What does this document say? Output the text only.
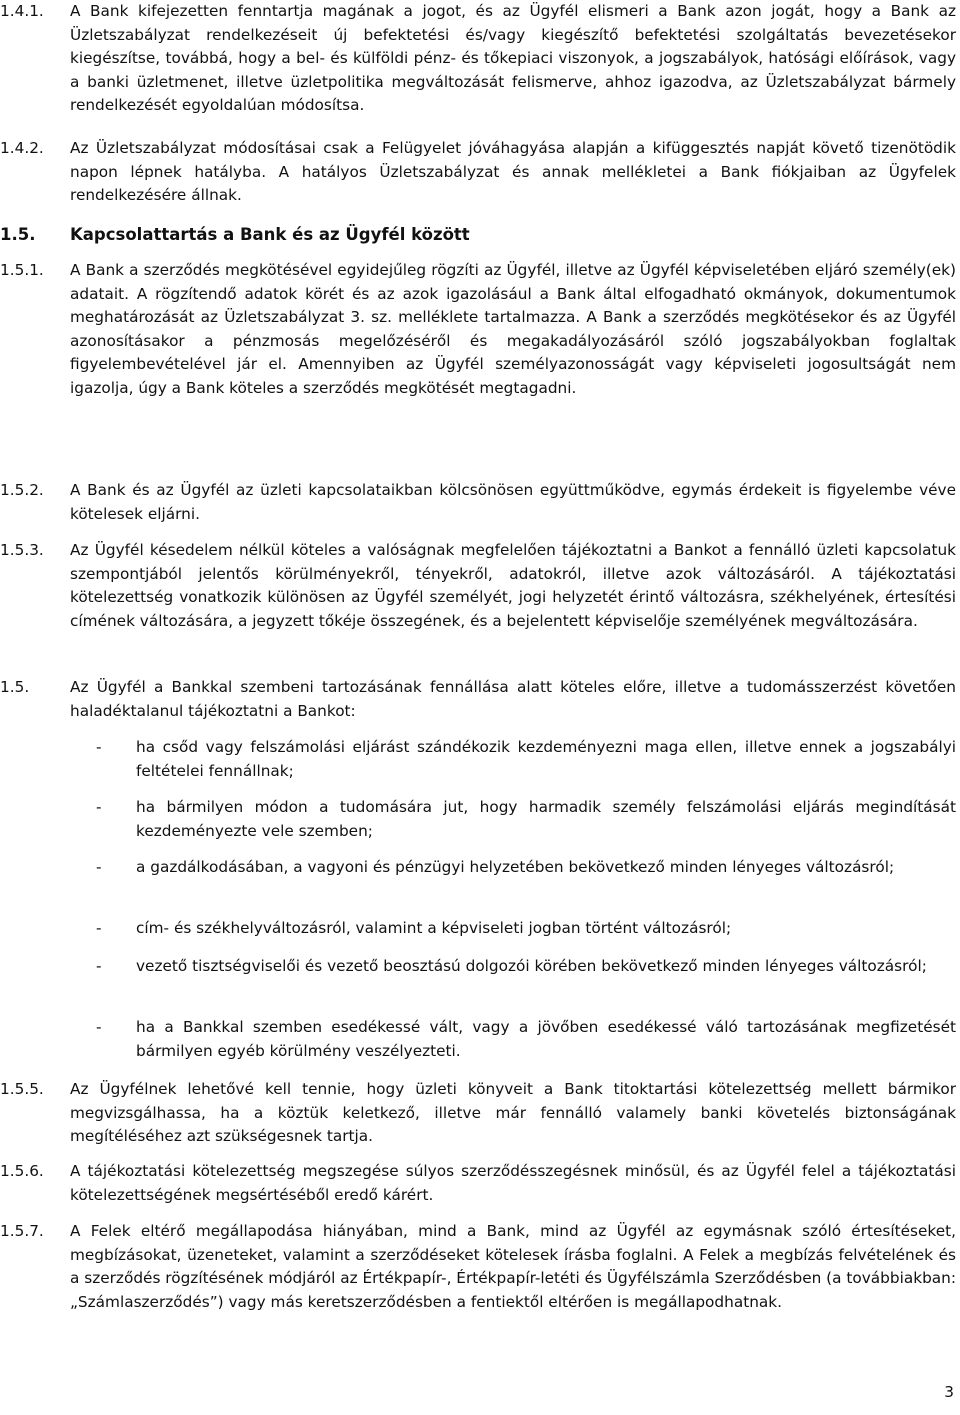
1.4.1. A Bank kifejezetten fenntartja magának a jogot, és az Ügyfél elismeri a Bank azon jogát, hogy a Bank az Üzletszabályzat rendelkezéseit új befektetési és/vagy kiegészítő befektetési szolgáltatás bevezetésekor kiegészítse, továbbá, hogy a bel- és külföldi pénz- és tőkepiaci viszonyok, a jogszabályok, hatósági előírások, vagy a banki üzletmenet, illetve üzletpolitika megváltozását felismerve, ahhoz igazodva, az Üzletszabályzat bármely rendelkezését egyoldalúan módosítsa.
1.4.2. Az Üzletszabályzat módosításai csak a Felügyelet jóváhagyása alapján a kifüggesztés napját követő tizenötödik napon lépnek hatályba. A hatályos Üzletszabályzat és annak mellékletei a Bank fiókjaiban az Ügyfelek rendelkezésére állnak.
1.5. Kapcsolattartás a Bank és az Ügyfél között
1.5.1. A Bank a szerződés megkötésével egyidejűleg rögzíti az Ügyfél, illetve az Ügyfél képviseletében eljáró személy(ek) adatait. A rögzítendő adatok körét és az azok igazolásául a Bank által elfogadható okmányok, dokumentumok meghatározását az Üzletszabályzat 3. sz. melléklete tartalmazza. A Bank a szerződés megkötésekor és az Ügyfél azonosításakor a pénzmosás megelőzéséről és megakadályozásáról szóló jogszabályokban foglaltak figyelembevételével jár el. Amennyiben az Ügyfél személyazonosságát vagy képviseleti jogosultságát nem igazolja, úgy a Bank köteles a szerződés megkötését megtagadni.
1.5.2. A Bank és az Ügyfél az üzleti kapcsolataikban kölcsönösen együttműködve, egymás érdekeit is figyelembe véve kötelesek eljárni.
1.5.3. Az Ügyfél késedelem nélkül köteles a valóságnak megfelelően tájékoztatni a Bankot a fennálló üzleti kapcsolatuk szempontjából jelentős körülményekről, tényekről, adatokról, illetve azok változásáról. A tájékoztatási kötelezettség vonatkozik különösen az Ügyfél személyét, jogi helyzetét érintő változásra, székhelyének, értesítési címének változására, a jegyzett tőkéje összegének, és a bejelentett képviselője személyének megváltozására.
1.5.	Az Ügyfél a Bankkal szembeni tartozásának fennállása alatt köteles előre, illetve a tudomásszerzést követően haladéktalanul tájékoztatni a Bankot:
- ha csőd vagy felszámolási eljárást szándékozik kezdeményezni maga ellen, illetve ennek a jogszabályi feltételei fennállnak;
- ha bármilyen módon a tudomására jut, hogy harmadik személy felszámolási eljárás megindítását kezdeményezte vele szemben;
- a gazdálkodásában, a vagyoni és pénzügyi helyzetében bekövetkező minden lényeges változásról;
- cím- és székhelyváltozásról, valamint a képviseleti jogban történt változásról;
- vezető tisztségviselői és vezető beosztású dolgozói körében bekövetkező minden lényeges változásról;
- ha a Bankkal szemben esedékessé vált, vagy a jövőben esedékessé váló tartozásának megfizetését bármilyen egyéb körülmény veszélyezteti.
1.5.5. Az Ügyfélnek lehetővé kell tennie, hogy üzleti könyveit a Bank titoktartási kötelezettség mellett bármikor megvizsgálhassa, ha a köztük keletkező, illetve már fennálló valamely banki követelés biztonságának megítéléséhez azt szükségesnek tartja.
1.5.6. A tájékoztatási kötelezettség megszegése súlyos szerződésszegésnek minősül, és az Ügyfél felel a tájékoztatási kötelezettségének megsértéséből eredő kárért.
1.5.7. A Felek eltérő megállapodása hiányában, mind a Bank, mind az Ügyfél az egymásnak szóló értesítéseket, megbízásokat, üzeneteket, valamint a szerződéseket kötelesek írásba foglalni. A Felek a megbízás felvételének és a szerződés rögzítésének módjáról az Értékpapír-, Értékpapír-letéti és Ügyfélszámla Szerződésben (a továbbiakban: „Számlaszerződés”) vagy más keretszerződésben a fentiektől eltérően is megállapodhatnak.
3
